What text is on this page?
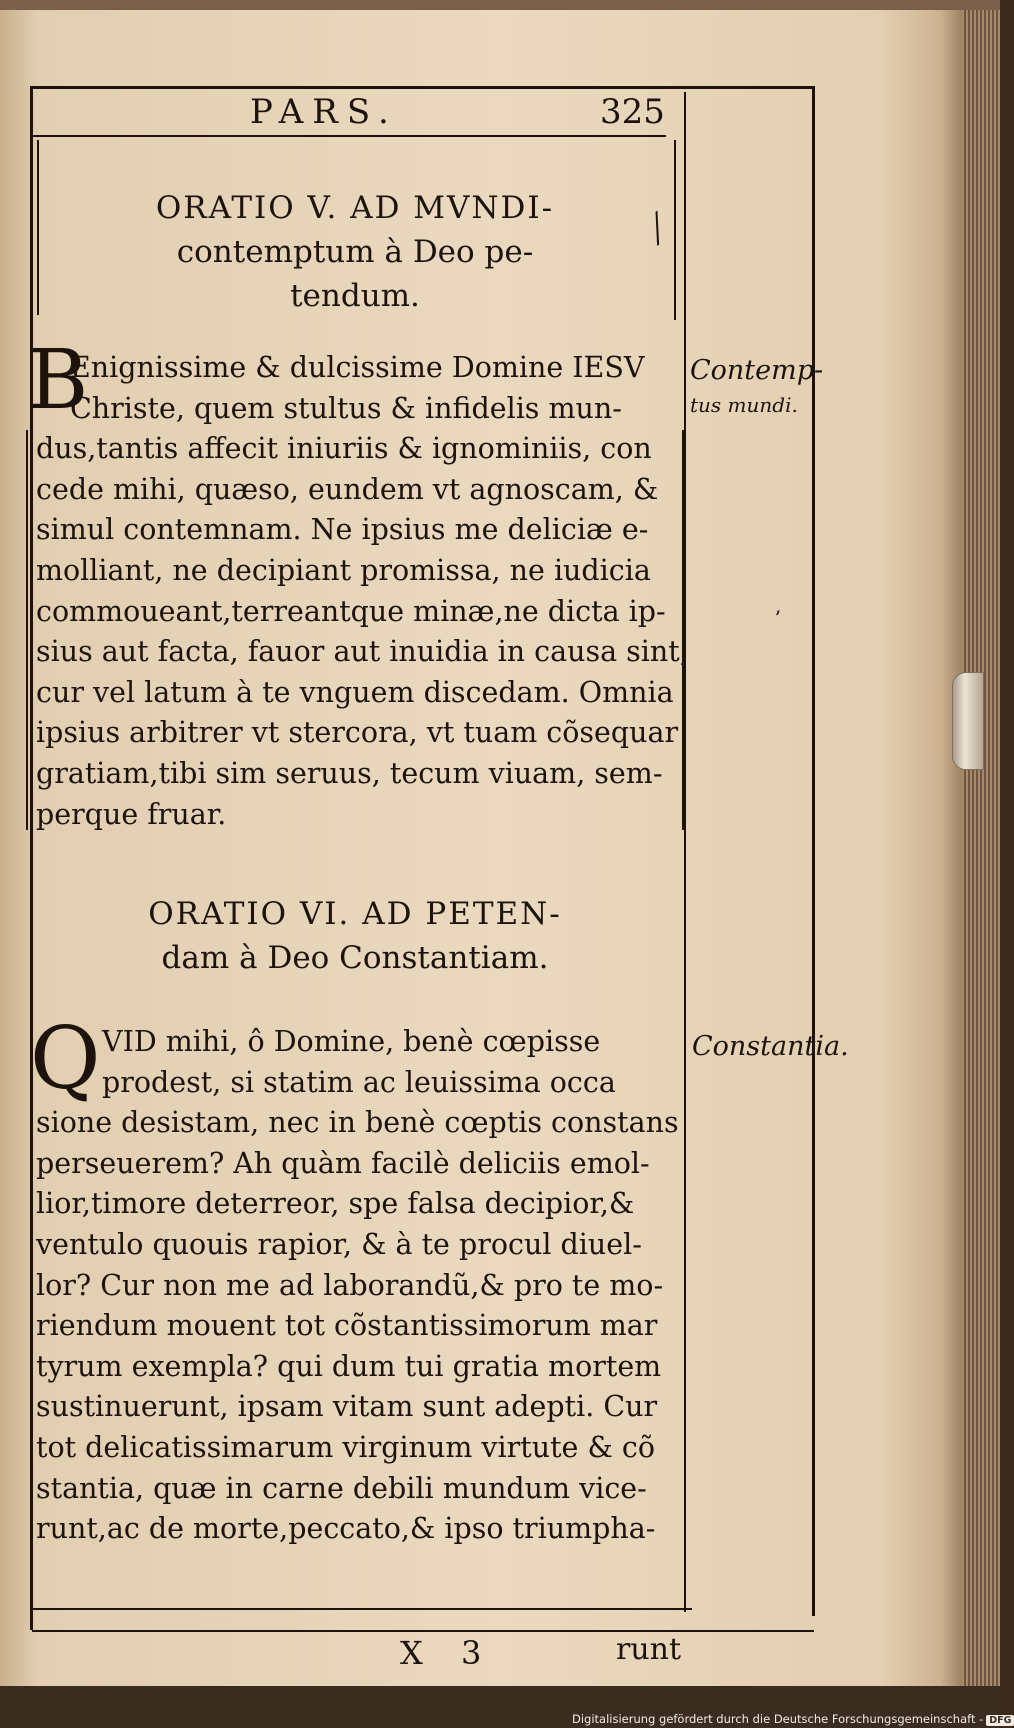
PARS.	325
ORATIO V. AD MVNDI-
contemptum à Deo pe-
tendum.
B
Enignissime & dulcissime Domine IESV
Christe, quem stultus & infidelis mun-
dus,tantis affecit iniuriis & ignominiis, con
cede mihi, quæso, eundem vt agnoscam, &
simul contemnam. Ne ipsius me deliciæ e-
molliant, ne decipiant promissa, ne iudicia
commoueant,terreantque minæ,ne dicta ip-
sius aut facta, fauor aut inuidia in causa sint,
cur vel latum à te vnguem discedam. Omnia
ipsius arbitrer vt stercora, vt tuam cõsequar
gratiam,tibi sim seruus, tecum viuam, sem-
perque fruar.
Contemp-
tus mundi.
ORATIO VI. AD PETEN-
dam à Deo Constantiam.
Q VID mihi, ô Domine, benè cœpisse
prodest, si statim ac leuissima occa
sione desistam, nec in benè cœptis constans
perseuerem? Ah quàm facilè deliciis emol-
lior,timore deterreor, spe falsa decipior,&
ventulo quouis rapior, & à te procul diuel-
lor? Cur non me ad laborandũ,& pro te mo-
riendum mouent tot cõstantissimorum mar
tyrum exempla? qui dum tui gratia mortem
sustinuerunt, ipsam vitam sunt adepti. Cur
tot delicatissimarum virginum virtute & cõ
stantia, quæ in carne debili mundum vice-
runt,ac de morte,peccato,& ipso triumpha-
Constantia.
X 3	runt
╱
ʼ
Digitalisierung gefördert durch die Deutsche Forschungsgemeinschaft - DFG
